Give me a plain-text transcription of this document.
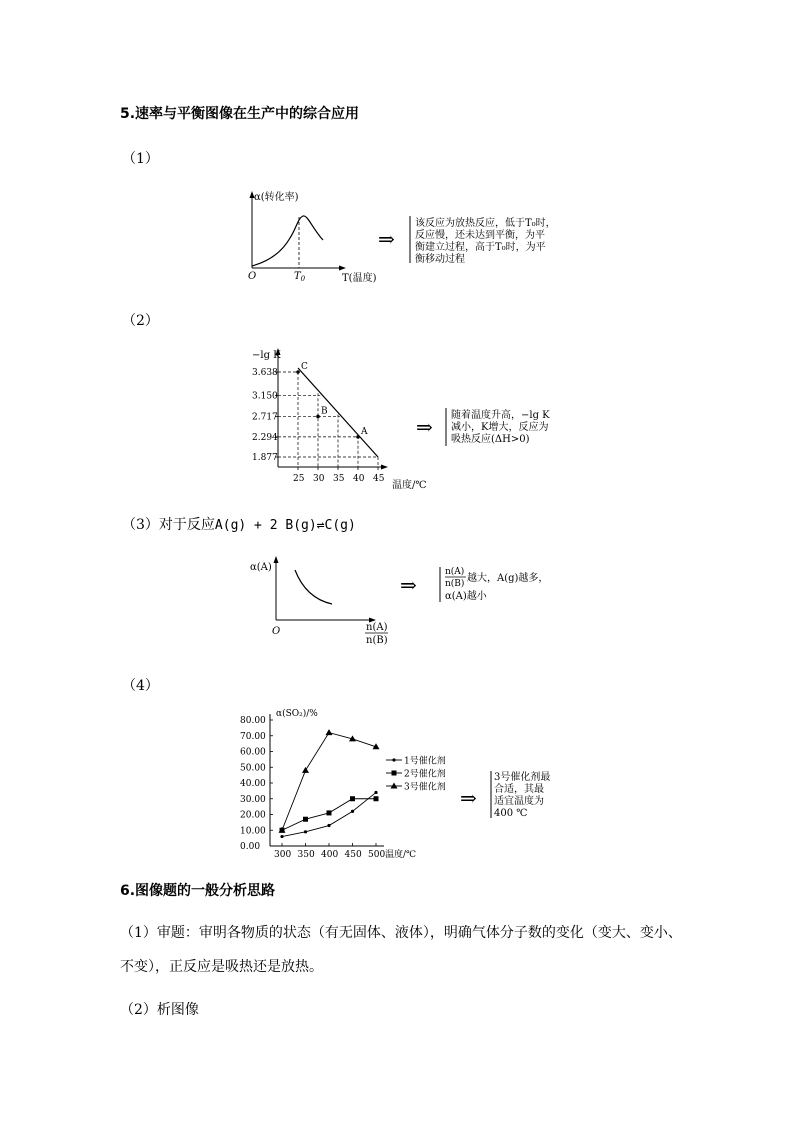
5.速率与平衡图像在生产中的综合应用
（1）
α(转化率)
O	$T_0$	T(温度)
⇒
该反应为放热反应，低于T₀时，
反应慢，还未达到平衡，为平
衡建立过程，高于T₀时，为平
衡移动过程
（2）
−lg K
温度/℃
3.638
3.150
2.717
2.294
1.877
25 30 35 40 45
C
B
A ⇒ 随着温度升高，−lg K
减小，K增大，反应为
吸热反应(ΔH>0)
（3）对于反应A(g) + 2 B(g)⇌C(g)
α(A)
O	n(A)
n(B)
⇒
n(A)
n(B) 越大，A(g)越多，
α(A)越小
（4）
α(SO₂)/%
温度/℃
0.00
10.00
20.00
30.00
40.00
50.00
60.00
70.00
80.00
300 350 400 450 500
1号催化剂
2号催化剂
3号催化剂 ⇒
3号催化剂最
合适，其最
适宜温度为
400 ℃
6.图像题的一般分析思路
（1）审题：审明各物质的状态（有无固体、液体），明确气体分子数的变化（变大、变小、
不变），正反应是吸热还是放热。
（2）析图像
